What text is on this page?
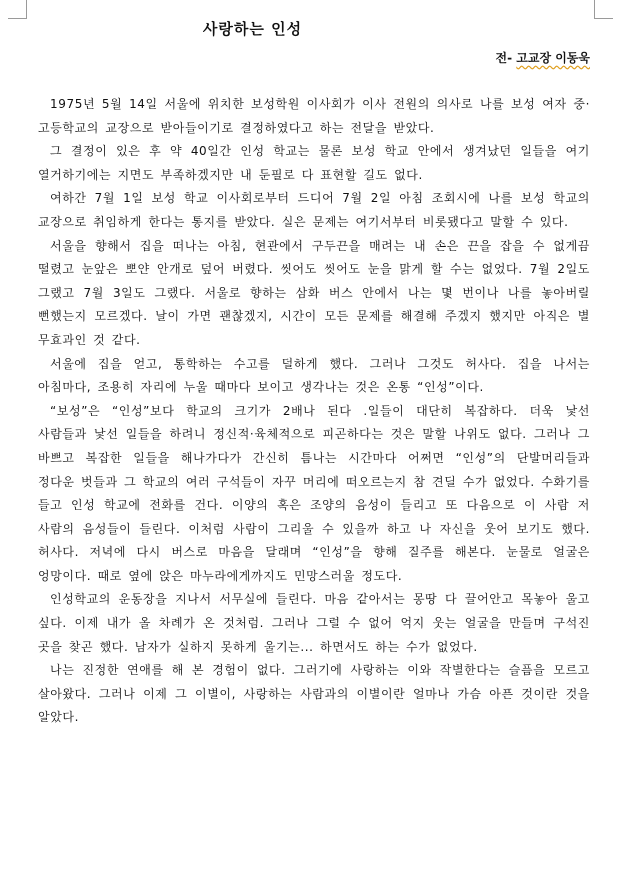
사랑하는 인성

전- 고교장 이동욱

1975년 5월 14일 서울에 위치한 보성학원 이사회가 이사 전원의 의사로 나를 보성 여자 중·고등학교의 교장으로 받아들이기로 결정하였다고 하는 전달을 받았다.

그 결정이 있은 후 약 40일간 인성 학교는 물론 보성 학교 안에서 생겨났던 일들을 여기 열거하기에는 지면도 부족하겠지만 내 둔필로 다 표현할 길도 없다.

여하간 7월 1일 보성 학교 이사회로부터 드디어 7월 2일 아침 조회시에 나를 보성 학교의 교장으로 취임하게 한다는 통지를 받았다. 실은 문제는 여기서부터 비롯됐다고 말할 수 있다.

서울을 향해서 집을 떠나는 아침, 현관에서 구두끈을 매려는 내 손은 끈을 잡을 수 없게끔 떨렸고 눈앞은 뽀얀 안개로 덮어 버렸다. 씻어도 씻어도 눈을 맑게 할 수는 없었다. 7월 2일도 그랬고 7월 3일도 그랬다. 서울로 향하는 삼화 버스 안에서 나는 몇 번이나 나를 놓아버릴 뻔했는지 모르겠다. 날이 가면 괜찮겠지, 시간이 모든 문제를 해결해 주겠지 했지만 아직은 별 무효과인 것 같다.

서울에 집을 얻고, 통학하는 수고를 덜하게 했다. 그러나 그것도 허사다. 집을 나서는 아침마다, 조용히 자리에 누울 때마다 보이고 생각나는 것은 온통 “인성”이다.

“보성”은 “인성”보다 학교의 크기가 2배나 된다 .일들이 대단히 복잡하다. 더욱 낯선 사람들과 낯선 일들을 하려니 정신적·육체적으로 피곤하다는 것은 말할 나위도 없다. 그러나 그 바쁘고 복잡한 일들을 해나가다가 간신히 틈나는 시간마다 어쩌면 “인성”의 단발머리들과 정다운 벗들과 그 학교의 여러 구석들이 자꾸 머리에 떠오르는지 참 견딜 수가 없었다. 수화기를 들고 인성 학교에 전화를 건다. 이양의 혹은 조양의 음성이 들리고 또 다음으로 이 사람 저 사람의 음성들이 들린다. 이처럼 사람이 그리울 수 있을까 하고 나 자신을 웃어 보기도 했다. 허사다. 저녁에 다시 버스로 마음을 달래며 “인성”을 향해 질주를 해본다. 눈물로 얼굴은 엉망이다. 때로 옆에 앉은 마누라에게까지도 민망스러울 정도다.

인성학교의 운동장을 지나서 서무실에 들린다. 마음 같아서는 몽땅 다 끌어안고 목놓아 울고 싶다. 이제 내가 올 차례가 온 것처럼. 그러나 그럴 수 없어 억지 웃는 얼굴을 만들며 구석진 곳을 찾곤 했다. 남자가 실하지 못하게 울기는... 하면서도 하는 수가 없었다.

나는 진정한 연애를 해 본 경험이 없다. 그러기에 사랑하는 이와 작별한다는 슬픔을 모르고 살아왔다. 그러나 이제 그 이별이, 사랑하는 사람과의 이별이란 얼마나 가슴 아픈 것이란 것을 알았다.
